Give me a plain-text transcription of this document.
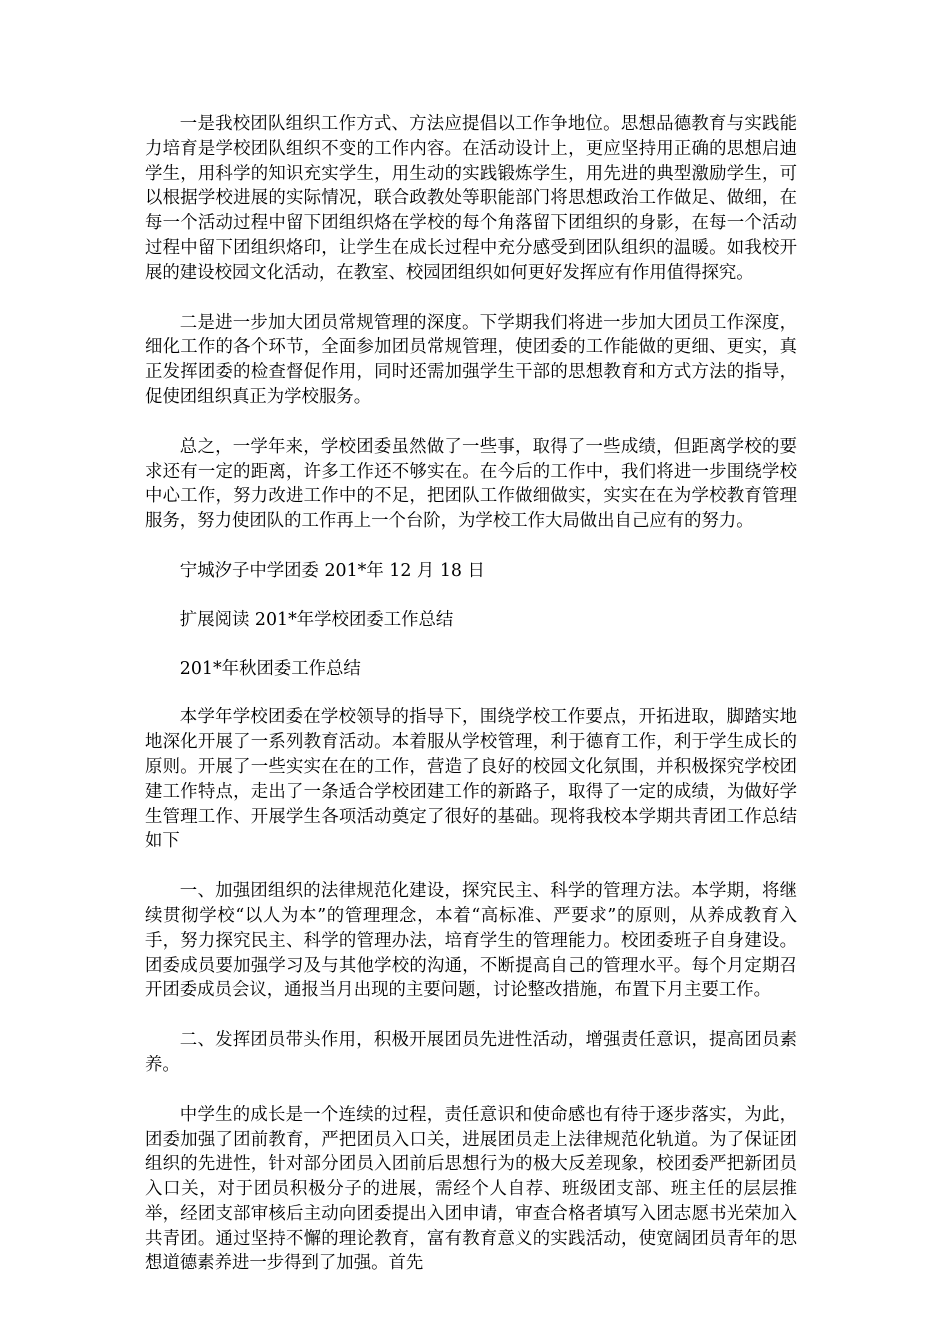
一是我校团队组织工作方式、方法应提倡以工作争地位。思想品德教育与实践能力培育是学校团队组织不变的工作内容。在活动设计上，更应坚持用正确的思想启迪学生，用科学的知识充实学生，用生动的实践锻炼学生，用先进的典型激励学生，可以根据学校进展的实际情况，联合政教处等职能部门将思想政治工作做足、做细，在每一个活动过程中留下团组织烙在学校的每个角落留下团组织的身影，在每一个活动过程中留下团组织烙印，让学生在成长过程中充分感受到团队组织的温暖。如我校开展的建设校园文化活动，在教室、校园团组织如何更好发挥应有作用值得探究。

二是进一步加大团员常规管理的深度。下学期我们将进一步加大团员工作深度，细化工作的各个环节，全面参加团员常规管理，使团委的工作能做的更细、更实，真正发挥团委的检查督促作用，同时还需加强学生干部的思想教育和方式方法的指导，促使团组织真正为学校服务。

总之，一学年来，学校团委虽然做了一些事，取得了一些成绩，但距离学校的要求还有一定的距离，许多工作还不够实在。在今后的工作中，我们将进一步围绕学校中心工作，努力改进工作中的不足，把团队工作做细做实，实实在在为学校教育管理服务，努力使团队的工作再上一个台阶，为学校工作大局做出自己应有的努力。

宁城汐子中学团委 201*年 12 月 18 日

扩展阅读 201*年学校团委工作总结

201*年秋团委工作总结

本学年学校团委在学校领导的指导下，围绕学校工作要点，开拓进取，脚踏实地地深化开展了一系列教育活动。本着服从学校管理，利于德育工作，利于学生成长的原则。开展了一些实实在在的工作，营造了良好的校园文化氛围，并积极探究学校团建工作特点，走出了一条适合学校团建工作的新路子，取得了一定的成绩，为做好学生管理工作、开展学生各项活动奠定了很好的基础。现将我校本学期共青团工作总结如下

一、加强团组织的法律规范化建设，探究民主、科学的管理方法。本学期，将继续贯彻学校“以人为本”的管理理念，本着“高标准、严要求”的原则，从养成教育入手，努力探究民主、科学的管理办法，培育学生的管理能力。校团委班子自身建设。团委成员要加强学习及与其他学校的沟通，不断提高自己的管理水平。每个月定期召开团委成员会议，通报当月出现的主要问题，讨论整改措施，布置下月主要工作。

二、发挥团员带头作用，积极开展团员先进性活动，增强责任意识，提高团员素养。

中学生的成长是一个连续的过程，责任意识和使命感也有待于逐步落实，为此，团委加强了团前教育，严把团员入口关，进展团员走上法律规范化轨道。为了保证团组织的先进性，针对部分团员入团前后思想行为的极大反差现象，校团委严把新团员入口关，对于团员积极分子的进展，需经个人自荐、班级团支部、班主任的层层推举，经团支部审核后主动向团委提出入团申请，审查合格者填写入团志愿书光荣加入共青团。通过坚持不懈的理论教育，富有教育意义的实践活动，使宽阔团员青年的思想道德素养进一步得到了加强。首先
